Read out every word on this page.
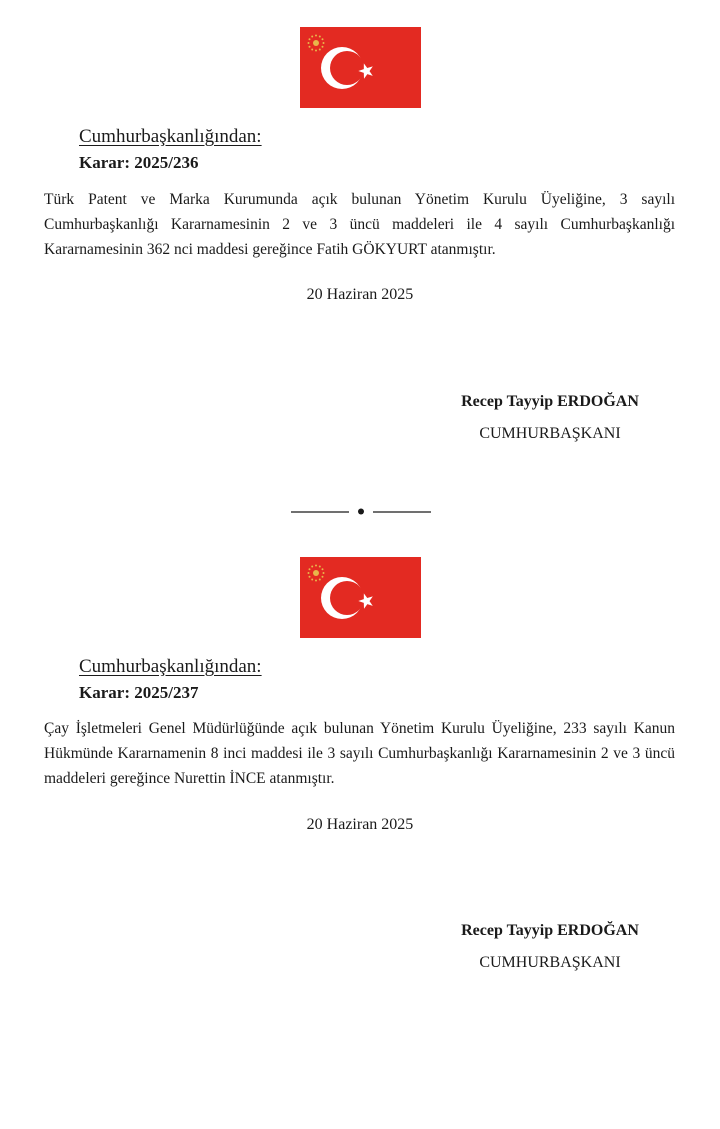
Cumhurbaşkanlığından:

Karar: 2025/236

Türk Patent ve Marka Kurumunda açık bulunan Yönetim Kurulu Üyeliğine, 3 sayılı Cumhurbaşkanlığı Kararnamesinin 2 ve 3 üncü maddeleri ile 4 sayılı Cumhurbaşkanlığı Kararnamesinin 362 nci maddesi gereğince Fatih GÖKYURT atanmıştır.

20 Haziran 2025

Recep Tayyip ERDOĞAN

CUMHURBAŞKANI

Cumhurbaşkanlığından:

Karar: 2025/237

Çay İşletmeleri Genel Müdürlüğünde açık bulunan Yönetim Kurulu Üyeliğine, 233 sayılı Kanun Hükmünde Kararnamenin 8 inci maddesi ile 3 sayılı Cumhurbaşkanlığı Kararnamesinin 2 ve 3 üncü maddeleri gereğince Nurettin İNCE atanmıştır.

20 Haziran 2025

Recep Tayyip ERDOĞAN

CUMHURBAŞKANI
